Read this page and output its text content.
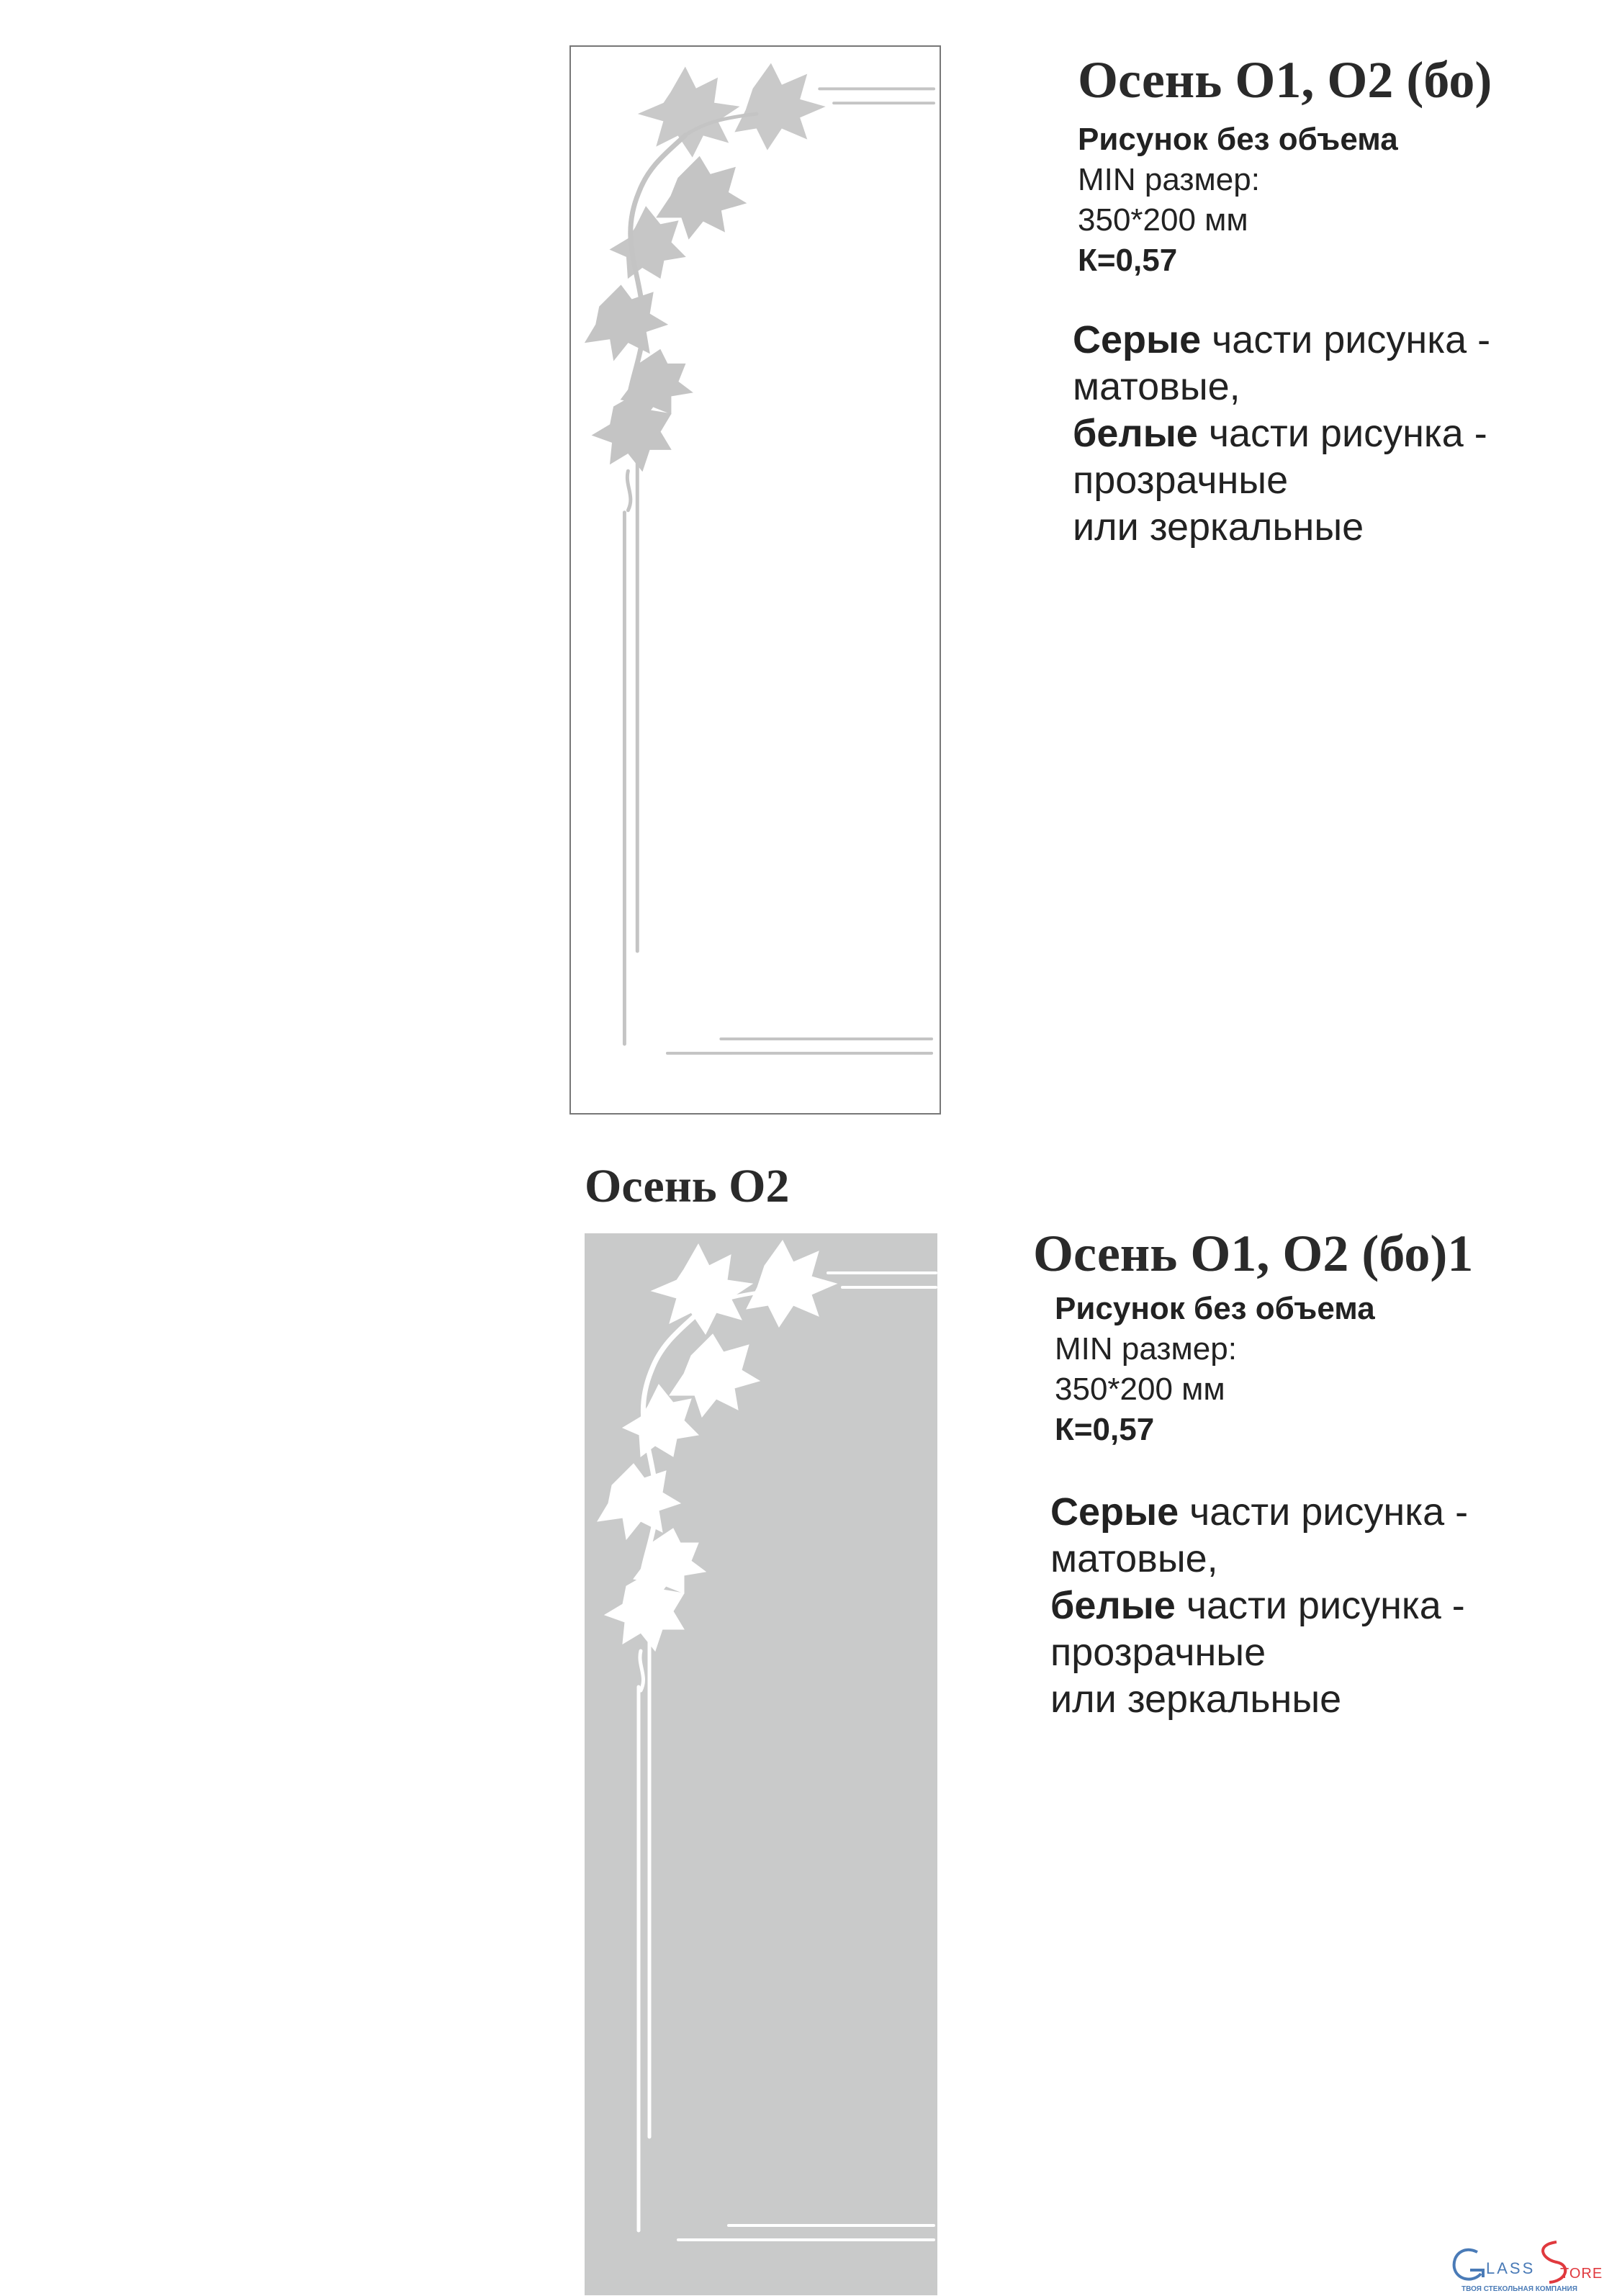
Осень О1, О2 (бо)
Рисунок без объема
MIN размер:
350*200 мм
К=0,57
Серые части рисунка -
матовые,
белые части рисунка -
прозрачные
или зеркальные
Осень О2
Осень О1, О2 (бо)1
Рисунок без объема
MIN размер:
350*200 мм
К=0,57
Серые части рисунка -
матовые,
белые части рисунка -
прозрачные
или зеркальные
LASS TORE
ТВОЯ СТЕКОЛЬНАЯ КОМПАНИЯ
